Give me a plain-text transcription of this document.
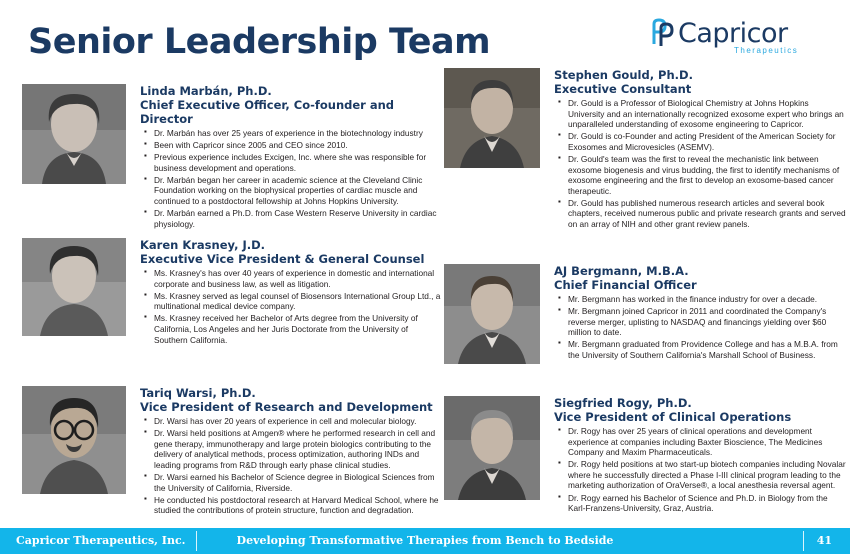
Senior Leadership Team	Capricor
Therapeutics
Linda Marbán, Ph.D.
Chief Executive Officer, Co-founder and Director
▪ Dr. Marbán has over 25 years of experience in the biotechnology industry
▪ Been with Capricor since 2005 and CEO since 2010.
▪ Previous experience includes Excigen, Inc. where she was responsible for business development and operations.
▪ Dr. Marbán began her career in academic science at the Cleveland Clinic Foundation working on the biophysical properties of cardiac muscle and continued to a postdoctoral fellowship at Johns Hopkins University.
▪ Dr. Marbán earned a Ph.D. from Case Western Reserve University in cardiac physiology.
Karen Krasney, J.D.
Executive Vice President & General Counsel
▪ Ms. Krasney's has over 40 years of experience in domestic and international corporate and business law, as well as litigation.
▪ Ms. Krasney served as legal counsel of Biosensors International Group Ltd., a multinational medical device company.
▪ Ms. Krasney received her Bachelor of Arts degree from the University of California, Los Angeles and her Juris Doctorate from the University of Southern California.
Tariq Warsi, Ph.D.
Vice President of Research and Development
▪ Dr. Warsi has over 20 years of experience in cell and molecular biology.
▪ Dr. Warsi held positions at Amgen® where he performed research in cell and gene therapy, immunotherapy and large protein biologics contributing to the delivery of analytical methods, process optimization, authoring INDs and leading programs from R&D through early phase clinical studies.
▪ Dr. Warsi earned his Bachelor of Science degree in Biological Sciences from the University of California, Riverside.
▪ He conducted his postdoctoral research at Harvard Medical School, where he studied the contributions of protein structure, function and degradation.
Stephen Gould, Ph.D.
Executive Consultant
▪ Dr. Gould is a Professor of Biological Chemistry at Johns Hopkins University and an internationally recognized exosome expert who brings an unparalleled understanding of exosome engineering to Capricor.
▪ Dr. Gould is co-Founder and acting President of the American Society for Exosomes and Microvesicles (ASEMV).
▪ Dr. Gould's team was the first to reveal the mechanistic link between exosome biogenesis and virus budding, the first to identify mechanisms of exosome engineering and the first to develop an exosome-based cancer therapeutic.
▪ Dr. Gould has published numerous research articles and several book chapters, received numerous public and private research grants and served on an array of NIH and other grant review panels.
AJ Bergmann, M.B.A.
Chief Financial Officer
▪ Mr. Bergmann has worked in the finance industry for over a decade.
▪ Mr. Bergmann joined Capricor in 2011 and coordinated the Company's reverse merger, uplisting to NASDAQ and financings yielding over $60 million to date.
▪ Mr. Bergmann graduated from Providence College and has a M.B.A. from the University of Southern California's Marshall School of Business.
Siegfried Rogy, Ph.D.
Vice President of Clinical Operations
▪ Dr. Rogy has over 25 years of clinical operations and development experience at companies including Baxter Bioscience, The Medicines Company and Maxim Pharmaceuticals.
▪ Dr. Rogy held positions at two start-up biotech companies including Novalar where he successfully directed a Phase I-III clinical program leading to the marketing authorization of OraVerse®, a local anesthesia reversal agent.
▪ Dr. Rogy earned his Bachelor of Science and Ph.D. in Biology from the Karl-Franzens-University, Graz, Austria.
Capricor Therapeutics, Inc.	Developing Transformative Therapies from Bench to Bedside	41
